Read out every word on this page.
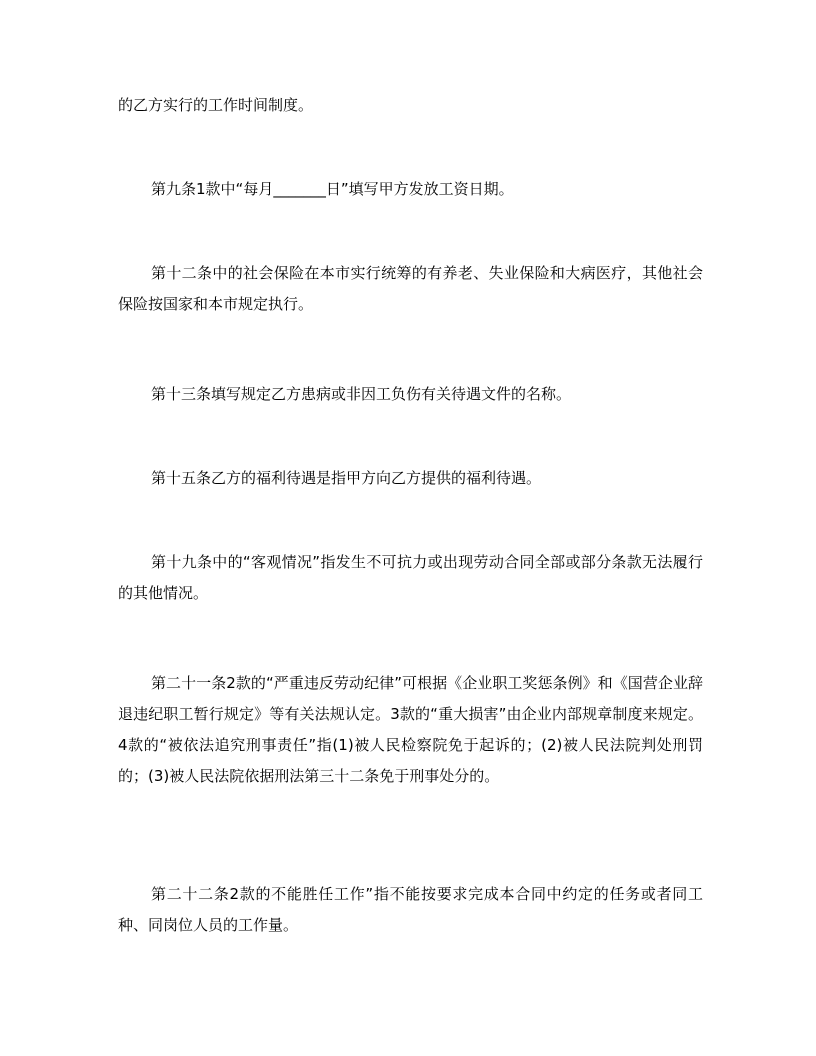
的乙方实行的工作时间制度。

第九条1款中“每月_______日”填写甲方发放工资日期。

第十二条中的社会保险在本市实行统筹的有养老、失业保险和大病医疗，其他社会保险按国家和本市规定执行。

第十三条填写规定乙方患病或非因工负伤有关待遇文件的名称。

第十五条乙方的福利待遇是指甲方向乙方提供的福利待遇。

第十九条中的“客观情况”指发生不可抗力或出现劳动合同全部或部分条款无法履行的其他情况。

第二十一条2款的“严重违反劳动纪律”可根据《企业职工奖惩条例》和《国营企业辞退违纪职工暂行规定》等有关法规认定。3款的“重大损害”由企业内部规章制度来规定。4款的“被依法追究刑事责任”指(1)被人民检察院免于起诉的；(2)被人民法院判处刑罚的；(3)被人民法院依据刑法第三十二条免于刑事处分的。

第二十二条2款的不能胜任工作”指不能按要求完成本合同中约定的任务或者同工种、同岗位人员的工作量。
